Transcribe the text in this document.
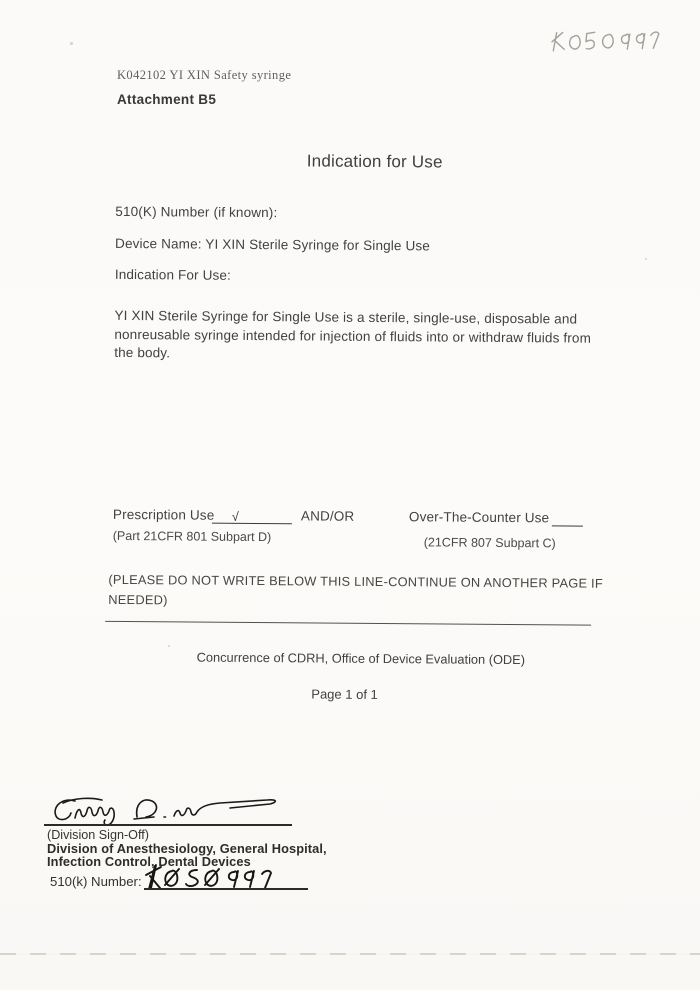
K042102 YI XIN Safety syringe
Attachment B5
Indication for Use
510(K) Number (if known):
Device Name: YI XIN Sterile Syringe for Single Use
Indication For Use:
YI XIN Sterile Syringe for Single Use is a sterile, single-use, disposable and nonreusable syringe intended for injection of fluids into or withdraw fluids from the body.
Prescription Use	√	AND/OR	Over-The-Counter Use
(Part 21CFR 801 Subpart D)	(21CFR 807 Subpart C)
(PLEASE DO NOT WRITE BELOW THIS LINE-CONTINUE ON ANOTHER PAGE IF NEEDED)
Concurrence of CDRH, Office of Device Evaluation (ODE)
Page 1 of 1
(Division Sign-Off)
Division of Anesthesiology, General Hospital,
Infection Control, Dental Devices
510(k) Number:
